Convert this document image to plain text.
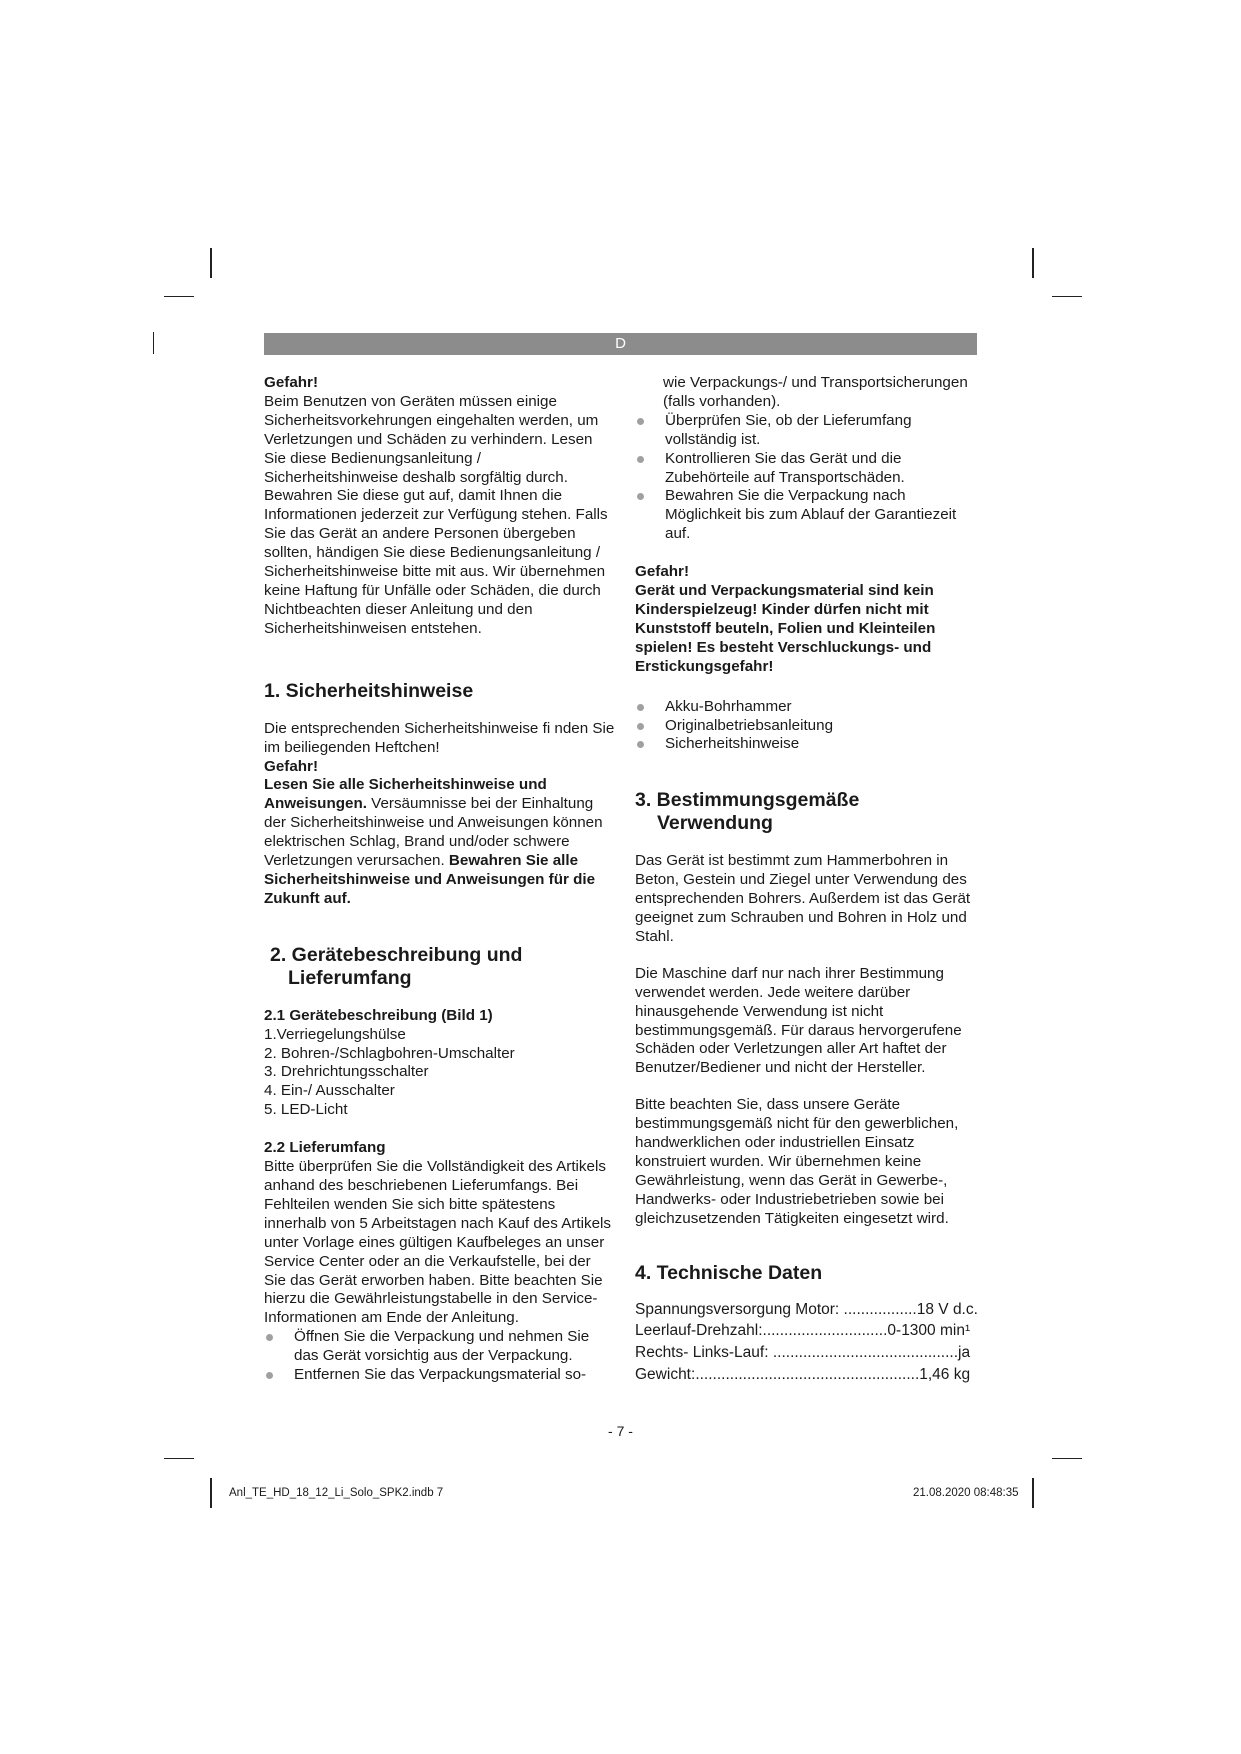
D

Gefahr!

Beim Benutzen von Geräten müssen einige Sicherheitsvorkehrungen eingehalten werden, um Verletzungen und Schäden zu verhindern. Lesen Sie diese Bedienungsanleitung / Sicherheitshinweise deshalb sorgfältig durch. Bewahren Sie diese gut auf, damit Ihnen die Informationen jederzeit zur Verfügung stehen. Falls Sie das Gerät an andere Personen übergeben sollten, händigen Sie diese Bedienungsanleitung / Sicherheitshinweise bitte mit aus. Wir übernehmen keine Haftung für Unfälle oder Schäden, die durch Nichtbeachten dieser Anleitung und den Sicherheitshinweisen entstehen.

1. Sicherheitshinweise

Die entsprechenden Sicherheitshinweise fi nden Sie im beiliegenden Heftchen!

Gefahr!

Lesen Sie alle Sicherheitshinweise und Anweisungen. Versäumnisse bei der Einhaltung der Sicherheitshinweise und Anweisungen können elektrischen Schlag, Brand und/oder schwere Verletzungen verursachen. Bewahren Sie alle Sicherheitshinweise und Anweisungen für die Zukunft auf.

2. Gerätebeschreibung und
Lieferumfang

2.1 Gerätebeschreibung (Bild 1)

1.Verriegelungshülse
2. Bohren-/Schlagbohren-Umschalter
3. Drehrichtungsschalter
4. Ein-/ Ausschalter
5. LED-Licht

2.2 Lieferumfang

Bitte überprüfen Sie die Vollständigkeit des Artikels anhand des beschriebenen Lieferumfangs. Bei Fehlteilen wenden Sie sich bitte spätestens innerhalb von 5 Arbeitstagen nach Kauf des Artikels unter Vorlage eines gültigen Kaufbeleges an unser Service Center oder an die Verkaufstelle, bei der Sie das Gerät erworben haben. Bitte beachten Sie hierzu die Gewährleistungstabelle in den Service-Informationen am Ende der Anleitung.

Öffnen Sie die Verpackung und nehmen Sie das Gerät vorsichtig aus der Verpackung.
Entfernen Sie das Verpackungsmaterial so-

wie Verpackungs-/ und Transportsicherungen (falls vorhanden).

Überprüfen Sie, ob der Lieferumfang vollständig ist.
Kontrollieren Sie das Gerät und die Zubehörteile auf Transportschäden.
Bewahren Sie die Verpackung nach Möglichkeit bis zum Ablauf der Garantiezeit auf.

Gefahr!

Gerät und Verpackungsmaterial sind kein Kinderspielzeug! Kinder dürfen nicht mit Kunststoff beuteln, Folien und Kleinteilen spielen! Es besteht Verschluckungs- und Erstickungsgefahr!

Akku-Bohrhammer
Originalbetriebsanleitung
Sicherheitshinweise

3. Bestimmungsgemäße
Verwendung

Das Gerät ist bestimmt zum Hammerbohren in Beton, Gestein und Ziegel unter Verwendung des entsprechenden Bohrers. Außerdem ist das Gerät geeignet zum Schrauben und Bohren in Holz und Stahl.

Die Maschine darf nur nach ihrer Bestimmung verwendet werden. Jede weitere darüber hinausgehende Verwendung ist nicht bestimmungsgemäß. Für daraus hervorgerufene Schäden oder Verletzungen aller Art haftet der Benutzer/Bediener und nicht der Hersteller.

Bitte beachten Sie, dass unsere Geräte bestimmungsgemäß nicht für den gewerblichen, handwerklichen oder industriellen Einsatz konstruiert wurden. Wir übernehmen keine Gewährleistung, wenn das Gerät in Gewerbe-, Handwerks- oder Industriebetrieben sowie bei gleichzusetzenden Tätigkeiten eingesetzt wird.

4. Technische Daten

Spannungsversorgung Motor: .................18 V d.c.
Leerlauf-Drehzahl:.............................0-1300 min¹
Rechts- Links-Lauf: ...........................................ja
Gewicht:....................................................1,46 kg
- 7 -
Anl_TE_HD_18_12_Li_Solo_SPK2.indb 7	21.08.2020 08:48:35
